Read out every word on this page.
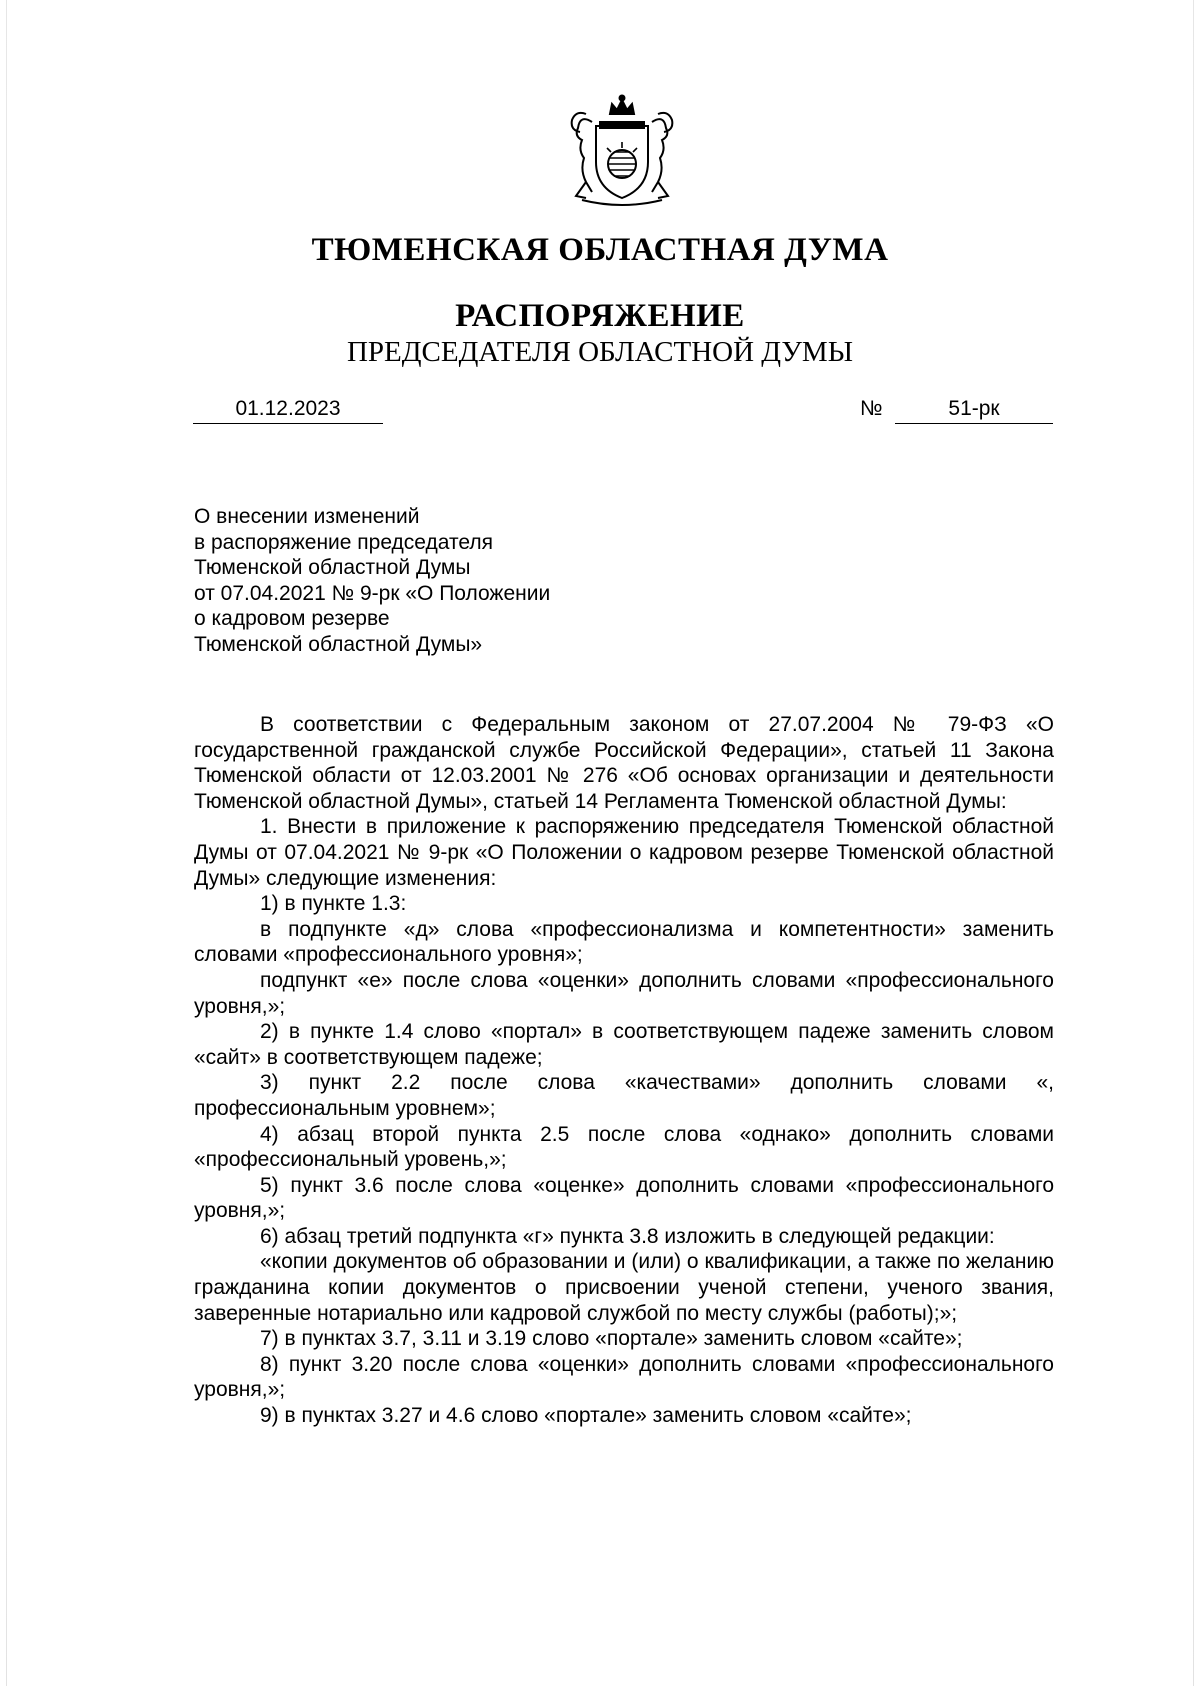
ТЮМЕНСКАЯ ОБЛАСТНАЯ ДУМА
РАСПОРЯЖЕНИЕ
ПРЕДСЕДАТЕЛЯ ОБЛАСТНОЙ ДУМЫ
01.12.2023	№	51-рк
О внесении изменений
в распоряжение председателя
Тюменской областной Думы
от 07.04.2021 № 9-рк «О Положении
о кадровом резерве
Тюменской областной Думы»

В соответствии с Федеральным законом от 27.07.2004 № 79-ФЗ «О государственной гражданской службе Российской Федерации», статьей 11 Закона Тюменской области от 12.03.2001 № 276 «Об основах организации и деятельности Тюменской областной Думы», статьей 14 Регламента Тюменской областной Думы:

1. Внести в приложение к распоряжению председателя Тюменской областной Думы от 07.04.2021 № 9-рк «О Положении о кадровом резерве Тюменской областной Думы» следующие изменения:

1) в пункте 1.3:

в подпункте «д» слова «профессионализма и компетентности» заменить словами «профессионального уровня»;

подпункт «е» после слова «оценки» дополнить словами «профессионального уровня,»;

2) в пункте 1.4 слово «портал» в соответствующем падеже заменить словом «сайт» в соответствующем падеже;

3) пункт 2.2 после слова «качествами» дополнить словами «, профессиональным уровнем»;

4) абзац второй пункта 2.5 после слова «однако» дополнить словами «профессиональный уровень,»;

5) пункт 3.6 после слова «оценке» дополнить словами «профессионального уровня,»;

6) абзац третий подпункта «г» пункта 3.8 изложить в следующей редакции:

«копии документов об образовании и (или) о квалификации, а также по желанию гражданина копии документов о присвоении ученой степени, ученого звания, заверенные нотариально или кадровой службой по месту службы (работы);»;

7) в пунктах 3.7, 3.11 и 3.19 слово «портале» заменить словом «сайте»;

8) пункт 3.20 после слова «оценки» дополнить словами «профессионального уровня,»;

9) в пунктах 3.27 и 4.6 слово «портале» заменить словом «сайте»;
